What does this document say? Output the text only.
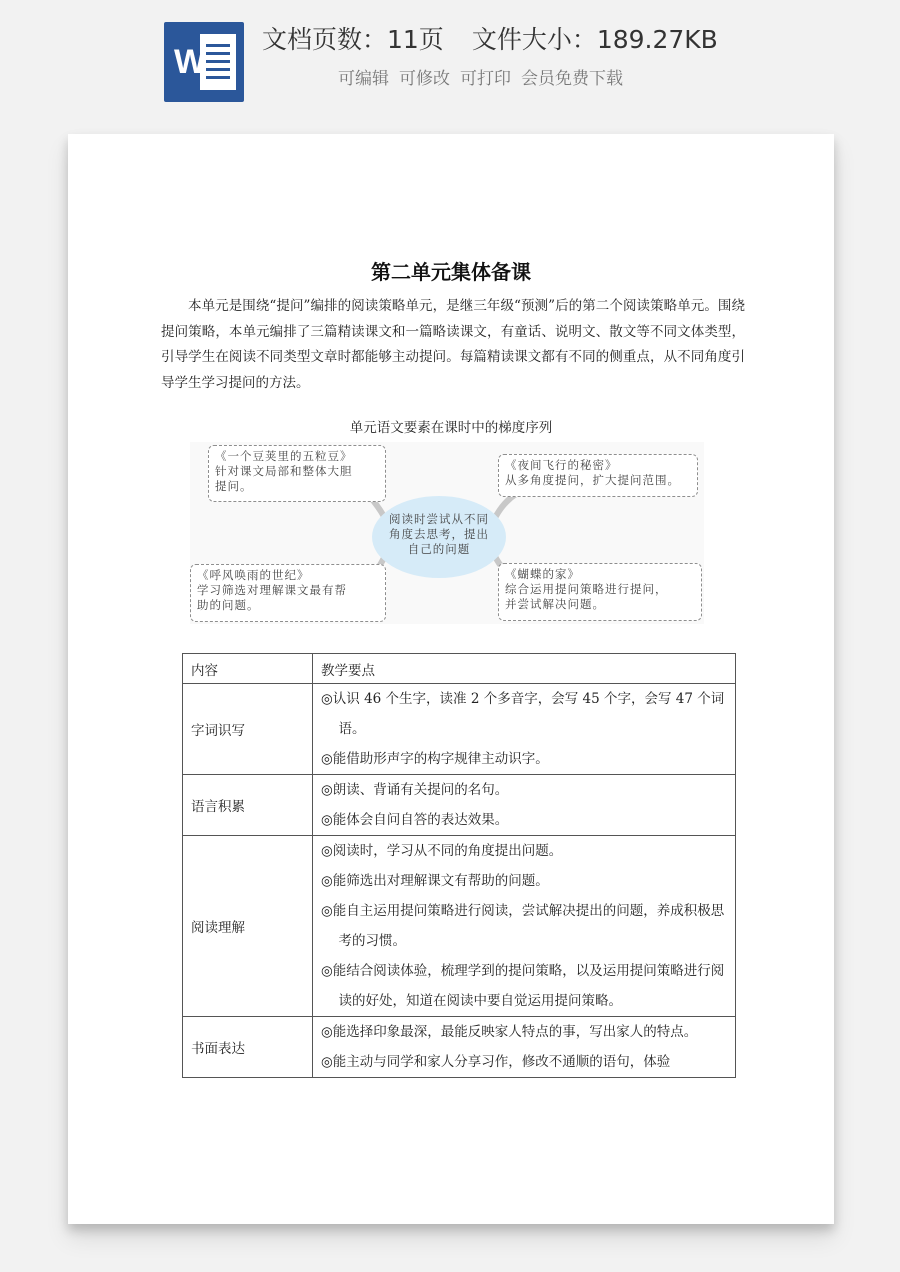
W
文档页数：11页 文件大小：189.27KB
可编辑 可修改 可打印 会员免费下载
第二单元集体备课

本单元是围绕“提问”编排的阅读策略单元，是继三年级“预测”后的第二个阅读策略单元。围绕提问策略，本单元编排了三篇精读课文和一篇略读课文，有童话、说明文、散文等不同文体类型，引导学生在阅读不同类型文章时都能够主动提问。每篇精读课文都有不同的侧重点，从不同角度引导学生学习提问的方法。

单元语文要素在课时中的梯度序列
阅读时尝试从不同
角度去思考，提出
自己的问题
《一个豆荚里的五粒豆》
针对课文局部和整体大胆
提问。
《夜间飞行的秘密》
从多角度提问，扩大提问范围。
《呼风唤雨的世纪》
学习筛选对理解课文最有帮
助的问题。
《蝴蝶的家》
综合运用提问策略进行提问，
并尝试解决问题。
内容	教学要点
字词识写	◎认识 46 个生字，读准 2 个多音字，会写 45 个字，会写 47 个词语。
◎能借助形声字的构字规律主动识字。

语言积累	◎朗读、背诵有关提问的名句。
◎能体会自问自答的表达效果。

阅读理解	◎阅读时，学习从不同的角度提出问题。
◎能筛选出对理解课文有帮助的问题。
◎能自主运用提问策略进行阅读，尝试解决提出的问题，养成积极思考的习惯。
◎能结合阅读体验，梳理学到的提问策略，以及运用提问策略进行阅读的好处，知道在阅读中要自觉运用提问策略。

书面表达	◎能选择印象最深，最能反映家人特点的事，写出家人的特点。
◎能主动与同学和家人分享习作，修改不通顺的语句，体验
